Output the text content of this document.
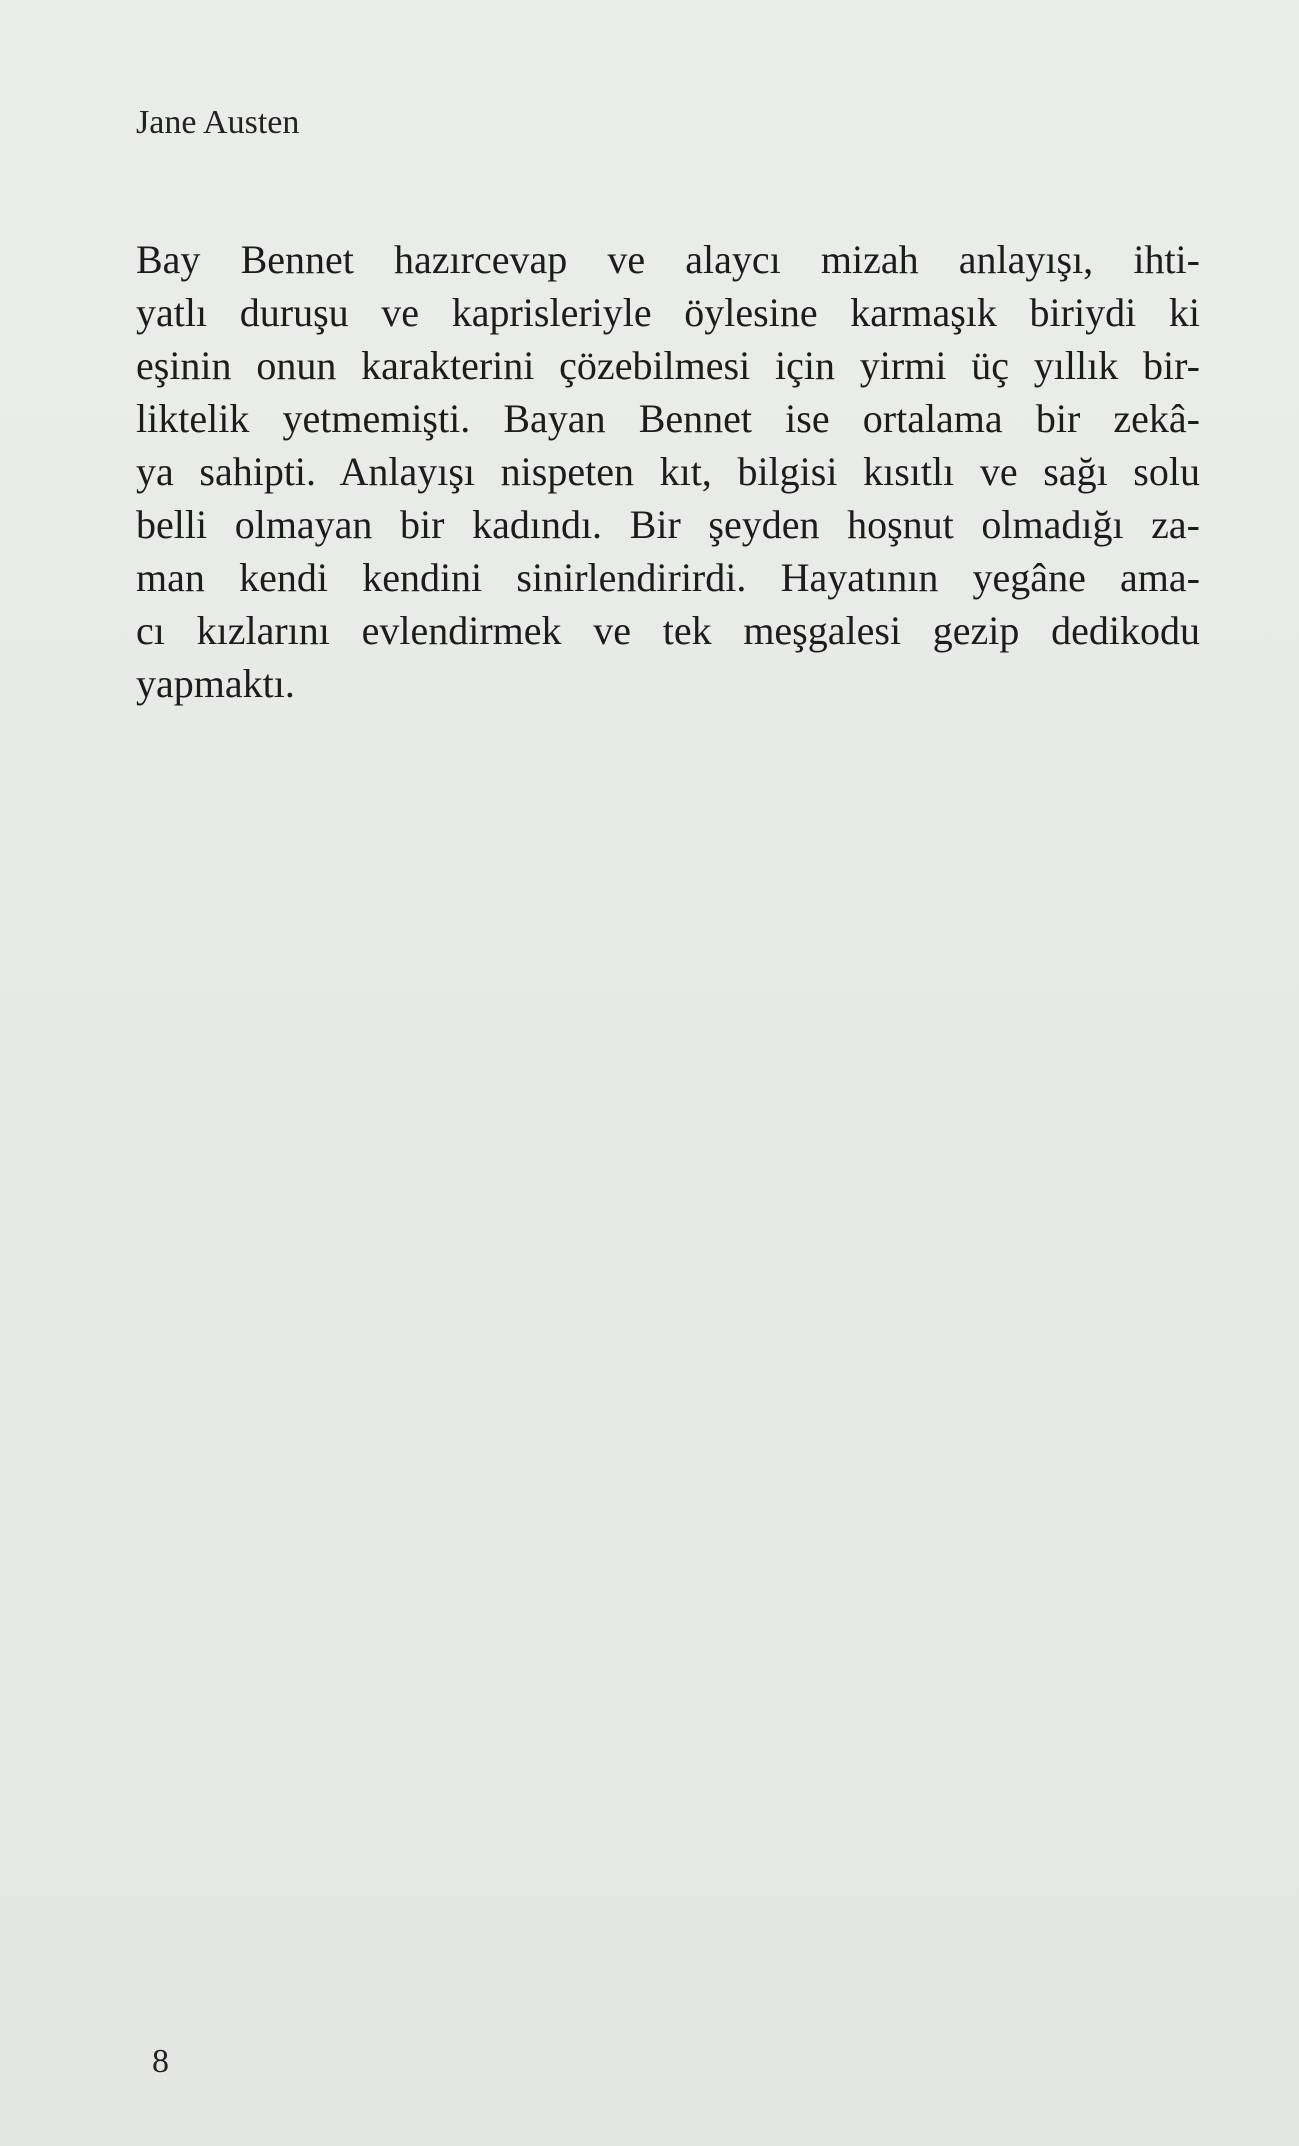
Jane Austen
Bay Bennet hazırcevap ve alaycı mizah anlayışı, ihti-
yatlı duruşu ve kaprisleriyle öylesine karmaşık biriydi ki
eşinin onun karakterini çözebilmesi için yirmi üç yıllık bir-
liktelik yetmemişti. Bayan Bennet ise ortalama bir zekâ-
ya sahipti. Anlayışı nispeten kıt, bilgisi kısıtlı ve sağı solu
belli olmayan bir kadındı. Bir şeyden hoşnut olmadığı za-
man kendi kendini sinirlendirirdi. Hayatının yegâne ama-
cı kızlarını evlendirmek ve tek meşgalesi gezip dedikodu
yapmaktı.
8
